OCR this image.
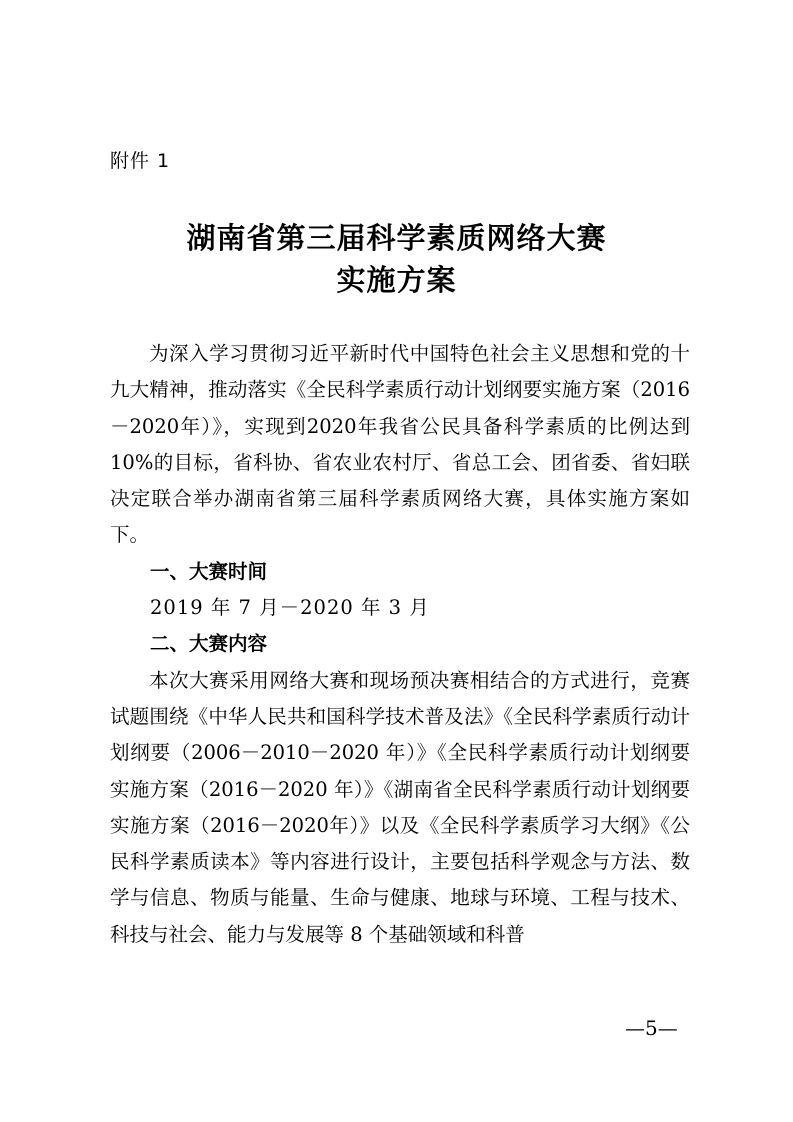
附件 1

湖南省第三届科学素质网络大赛
实施方案

为深入学习贯彻习近平新时代中国特色社会主义思想和党的十九大精神，推动落实《全民科学素质行动计划纲要实施方案（2016－2020年）》，实现到2020年我省公民具备科学素质的比例达到10%的目标，省科协、省农业农村厅、省总工会、团省委、省妇联决定联合举办湖南省第三届科学素质网络大赛，具体实施方案如下。

一、大赛时间

2019 年 7 月－2020 年 3 月

二、大赛内容

本次大赛采用网络大赛和现场预决赛相结合的方式进行，竞赛试题围绕《中华人民共和国科学技术普及法》《全民科学素质行动计划纲要（2006－2010－2020 年）》《全民科学素质行动计划纲要实施方案（2016－2020 年）》《湖南省全民科学素质行动计划纲要实施方案（2016－2020年）》以及《全民科学素质学习大纲》《公民科学素质读本》等内容进行设计，主要包括科学观念与方法、数学与信息、物质与能量、生命与健康、地球与环境、工程与技术、科技与社会、能力与发展等 8 个基础领域和科普

—5—
